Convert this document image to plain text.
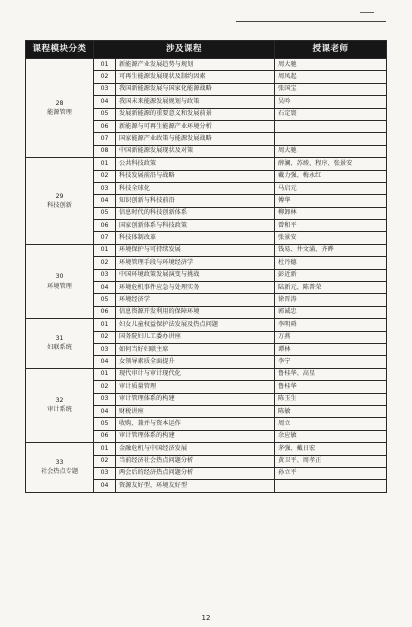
课程模块分类	涉及课程		授课老师

28
能源管理	01	新能源产业发展趋势与规划	周大驰
	02	可再生能源发展现状及制约因素	周凤起
	03	我国新能源发展与国家化能源战略	张国宝
	04	我国未来能源发展规划与政策	吴吟
	05	发展新能源的重要意义和发展前景	石定寰
	06	新能源与可再生能源产业环境分析	
	07	国家能源产业政策与能源发展战略	
	08	中国新能源发展现状及对策	周大驰

29
科技创新	01	公共科技政策	薛澜、苏竣、程序、张景安
	02	科技发展前沿与战略	戴力强、梅永红
	03	科技全球化	马启元
	04	知识创新与科技前沿	傅华
	05	信息时代的科技创新体系	柳卸林
	06	国家创新体系与科技政策	曾和平
	07	科技体制改革	张景安

30
环境管理	01	环境保护与可持续发展	钱易、井文涌、齐晔
	02	环境管理手段与环境经济学	杜丹德
	03	中国环境政策发展演变与挑战	彭近新
	04	环境危机事件应急与处理实务	陆新元、陈普荣
	05	环境经济学	徐晋涛
	06	信息资源开发利用的保障环境	郭诚忠

31
妇联系统	01	妇女儿童权益保护法发展及热点问题	李明舜
	02	国务院妇儿工委办讲座	万燕
	03	如何当好妇联主席	谭林
	04	女领导素质全面提升	李宁

32
审计系统	01	现代审计与审计现代化	鲁桂华、高星
	02	审计质量管理	鲁桂华
	03	审计管理体系的构建	陈玉生
	04	财税讲座	陈敏
	05	收购、兼并与资本运作	周立
	06	审计管理体系的构建	余应敏

33
社会热点专题	01	金融危机与中国经济发展	茅强、戴日宏
	02	当前经济社会热点问题分析	黄卫平、周孝正
	03	两会后的经济热点问题分析	孙立平
	04	资源友好型、环境友好型	
12
